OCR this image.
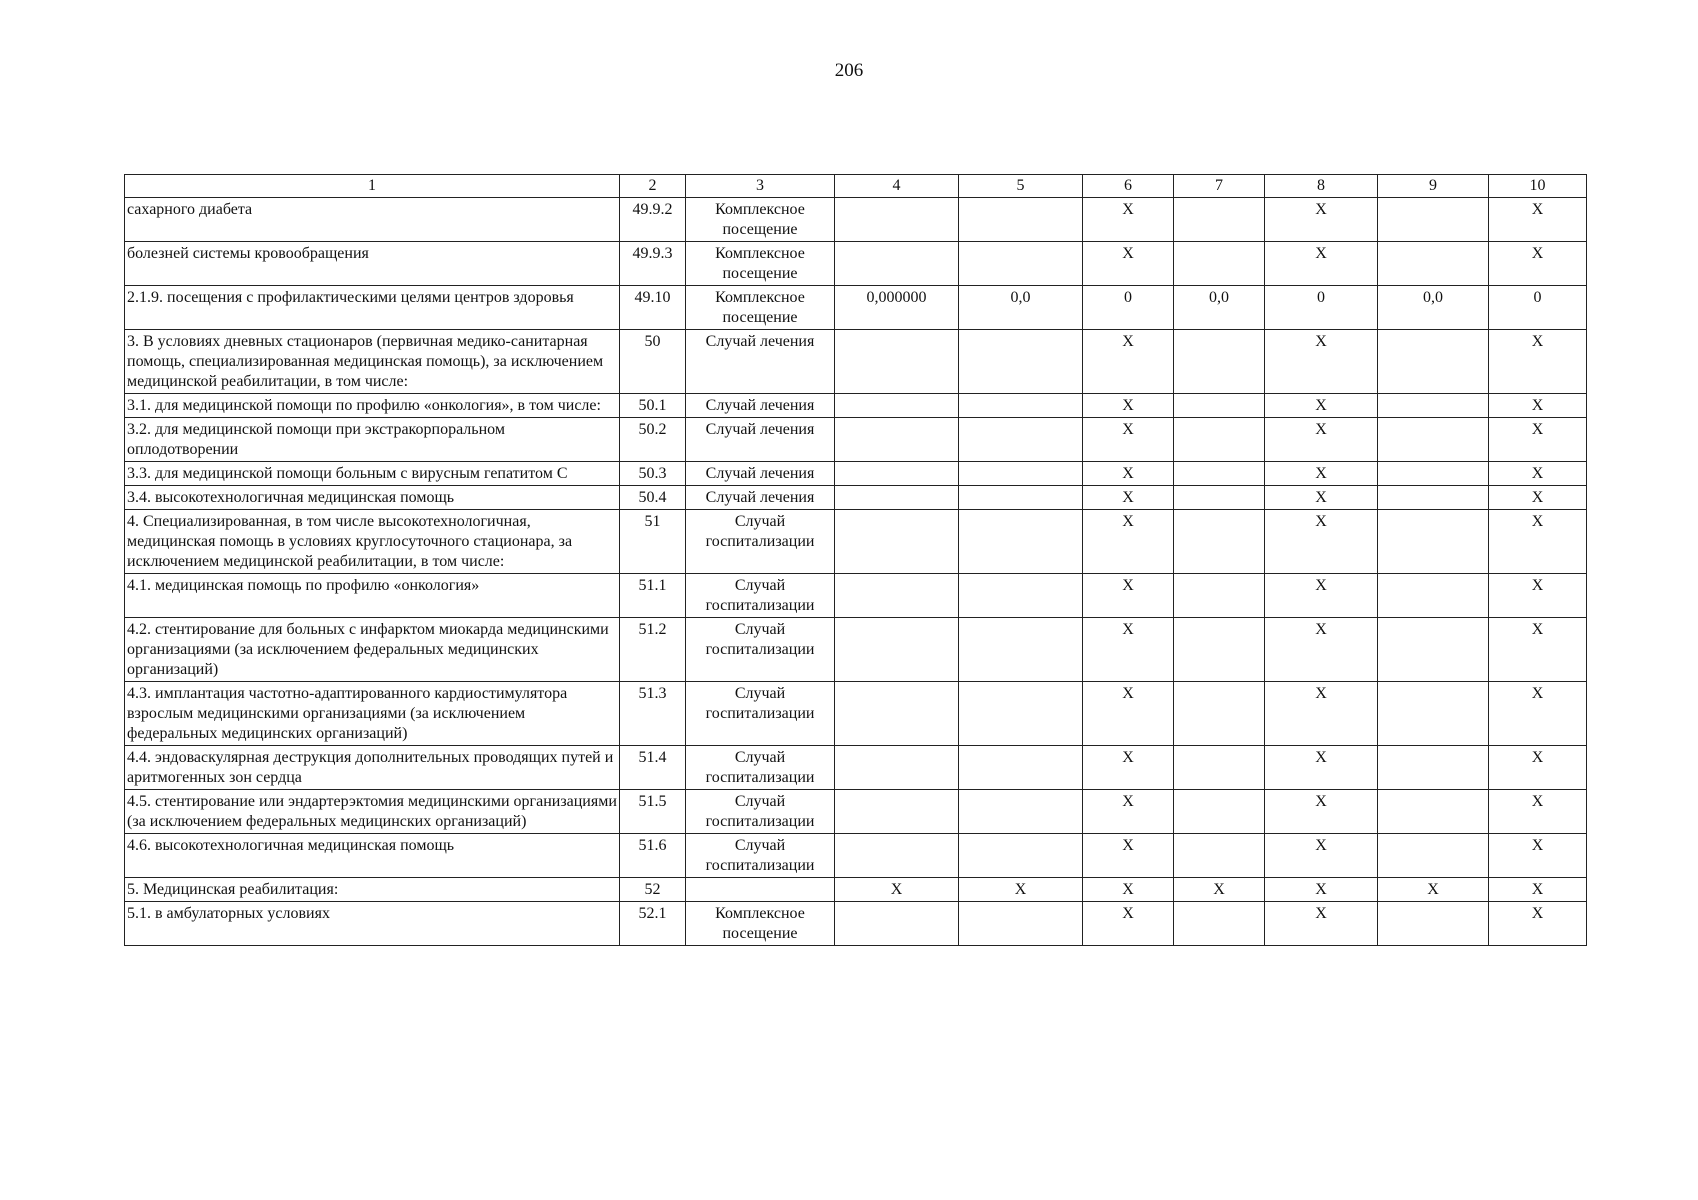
206
1	2	3	4	5	6	7	8	9	10
сахарного диабета	49.9.2	Комплексное посещение			Х		Х		Х
болезней системы кровообращения	49.9.3	Комплексное посещение			Х		Х		Х
2.1.9. посещения с профилактическими целями центров здоровья	49.10	Комплексное посещение	0,000000	0,0	0	0,0	0	0,0	0
3. В условиях дневных стационаров (первичная медико-санитарная помощь, специализированная медицинская помощь), за исключением медицинской реабилитации, в том числе:	50	Случай лечения			Х		Х		Х
3.1. для медицинской помощи по профилю «онкология», в том числе:	50.1	Случай лечения			Х		Х		Х
3.2. для медицинской помощи при экстракорпоральном оплодотворении	50.2	Случай лечения			Х		Х		Х
3.3. для медицинской помощи больным с вирусным гепатитом С	50.3	Случай лечения			Х		Х		Х
3.4. высокотехнологичная медицинская помощь	50.4	Случай лечения			Х		Х		Х
4. Специализированная, в том числе высокотехнологичная, медицинская помощь в условиях круглосуточного стационара, за исключением медицинской реабилитации, в том числе:	51	Случай госпитализации			Х		Х		Х
4.1. медицинская помощь по профилю «онкология»	51.1	Случай госпитализации			Х		Х		Х
4.2. стентирование для больных с инфарктом миокарда медицинскими организациями (за исключением федеральных медицинских организаций)	51.2	Случай госпитализации			Х		Х		Х
4.3. имплантация частотно-адаптированного кардиостимулятора взрослым медицинскими организациями (за исключением федеральных медицинских организаций)	51.3	Случай госпитализации			Х		Х		Х
4.4. эндоваскулярная деструкция дополнительных проводящих путей и аритмогенных зон сердца	51.4	Случай госпитализации			Х		Х		Х
4.5. стентирование или эндартерэктомия медицинскими организациями (за исключением федеральных медицинских организаций)	51.5	Случай госпитализации			Х		Х		Х
4.6. высокотехнологичная медицинская помощь	51.6	Случай госпитализации			Х		Х		Х
5. Медицинская реабилитация:	52		Х	Х	Х	Х	Х	Х	Х
5.1. в амбулаторных условиях	52.1	Комплексное посещение			Х		Х		Х
